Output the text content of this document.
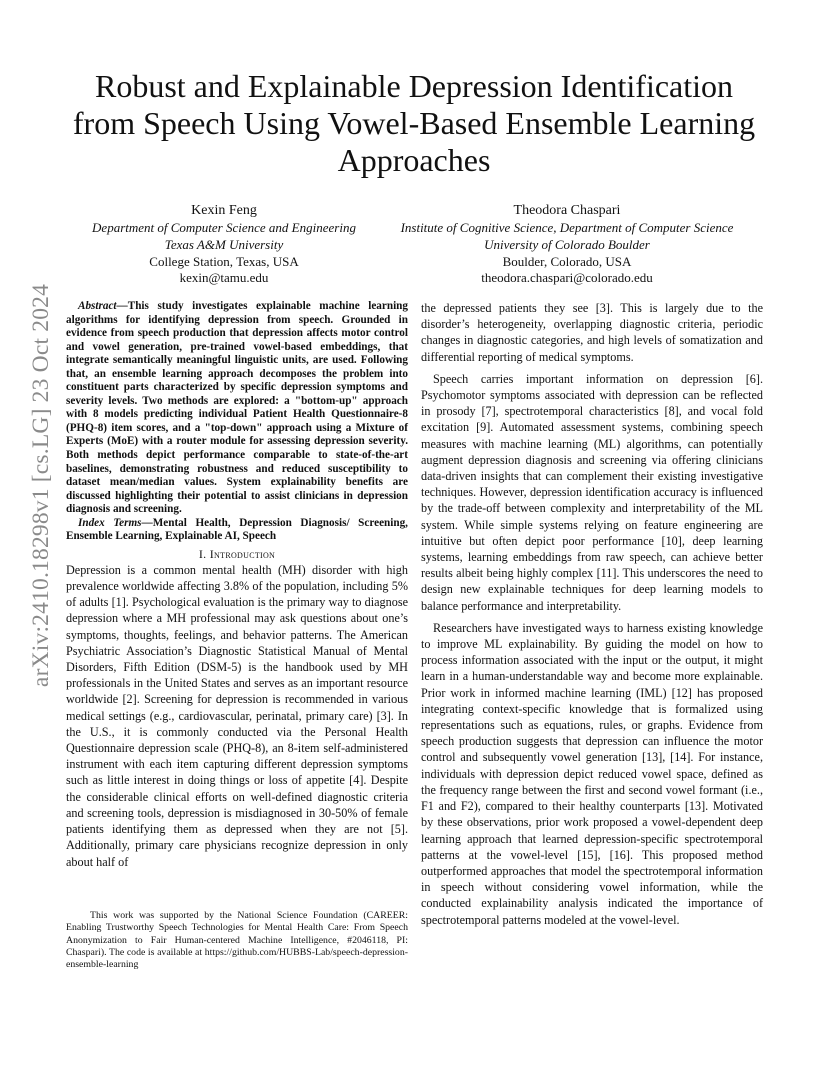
arXiv:2410.18298v1 [cs.LG] 23 Oct 2024
Robust and Explainable Depression Identification from Speech Using Vowel-Based Ensemble Learning Approaches
Kexin Feng
Department of Computer Science and Engineering
Texas A&M University
College Station, Texas, USA
kexin@tamu.edu
Theodora Chaspari
Institute of Cognitive Science, Department of Computer Science
University of Colorado Boulder
Boulder, Colorado, USA
theodora.chaspari@colorado.edu

Abstract—This study investigates explainable machine learning algorithms for identifying depression from speech. Grounded in evidence from speech production that depression affects motor control and vowel generation, pre-trained vowel-based embeddings, that integrate semantically meaningful linguistic units, are used. Following that, an ensemble learning approach decomposes the problem into constituent parts characterized by specific depression symptoms and severity levels. Two methods are explored: a "bottom-up" approach with 8 models predicting individual Patient Health Questionnaire-8 (PHQ-8) item scores, and a "top-down" approach using a Mixture of Experts (MoE) with a router module for assessing depression severity. Both methods depict performance comparable to state-of-the-art baselines, demonstrating robustness and reduced susceptibility to dataset mean/median values. System explainability benefits are discussed highlighting their potential to assist clinicians in depression diagnosis and screening.

Index Terms—Mental Health, Depression Diagnosis/ Screening, Ensemble Learning, Explainable AI, Speech

I. Introduction

Depression is a common mental health (MH) disorder with high prevalence worldwide affecting 3.8% of the population, including 5% of adults [1]. Psychological evaluation is the primary way to diagnose depression where a MH professional may ask questions about one’s symptoms, thoughts, feelings, and behavior patterns. The American Psychiatric Association’s Diagnostic Statistical Manual of Mental Disorders, Fifth Edition (DSM-5) is the handbook used by MH professionals in the United States and serves as an important resource worldwide [2]. Screening for depression is recommended in various medical settings (e.g., cardiovascular, perinatal, primary care) [3]. In the U.S., it is commonly conducted via the Personal Health Questionnaire depression scale (PHQ-8), an 8-item self-administered instrument with each item capturing different depression symptoms such as little interest in doing things or loss of appetite [4]. Despite the considerable clinical efforts on well-defined diagnostic criteria and screening tools, depression is misdiagnosed in 30-50% of female patients identifying them as depressed when they are not [5]. Additionally, primary care physicians recognize depression in only about half of

the depressed patients they see [3]. This is largely due to the disorder’s heterogeneity, overlapping diagnostic criteria, periodic changes in diagnostic categories, and high levels of somatization and differential reporting of medical symptoms.

Speech carries important information on depression [6]. Psychomotor symptoms associated with depression can be reflected in prosody [7], spectrotemporal characteristics [8], and vocal fold excitation [9]. Automated assessment systems, combining speech measures with machine learning (ML) algorithms, can potentially augment depression diagnosis and screening via offering clinicians data-driven insights that can complement their existing investigative techniques. However, depression identification accuracy is influenced by the trade-off between complexity and interpretability of the ML system. While simple systems relying on feature engineering are intuitive but often depict poor performance [10], deep learning systems, learning embeddings from raw speech, can achieve better results albeit being highly complex [11]. This underscores the need to design new explainable techniques for deep learning models to balance performance and interpretability.

Researchers have investigated ways to harness existing knowledge to improve ML explainability. By guiding the model on how to process information associated with the input or the output, it might learn in a human-understandable way and become more explainable. Prior work in informed machine learning (IML) [12] has proposed integrating context-specific knowledge that is formalized using representations such as equations, rules, or graphs. Evidence from speech production suggests that depression can influence the motor control and subsequently vowel generation [13], [14]. For instance, individuals with depression depict reduced vowel space, defined as the frequency range between the first and second vowel formant (i.e., F1 and F2), compared to their healthy counterparts [13]. Motivated by these observations, prior work proposed a vowel-dependent deep learning approach that learned depression-specific spectrotemporal patterns at the vowel-level [15], [16]. This proposed method outperformed approaches that model the spectrotemporal information in speech without considering vowel information, while the conducted explainability analysis indicated the importance of spectrotemporal patterns modeled at the vowel-level.

This work was supported by the National Science Foundation (CAREER: Enabling Trustworthy Speech Technologies for Mental Health Care: From Speech Anonymization to Fair Human-centered Machine Intelligence, #2046118, PI: Chaspari). The code is available at https://github.com/HUBBS-Lab/speech-depression-ensemble-learning
